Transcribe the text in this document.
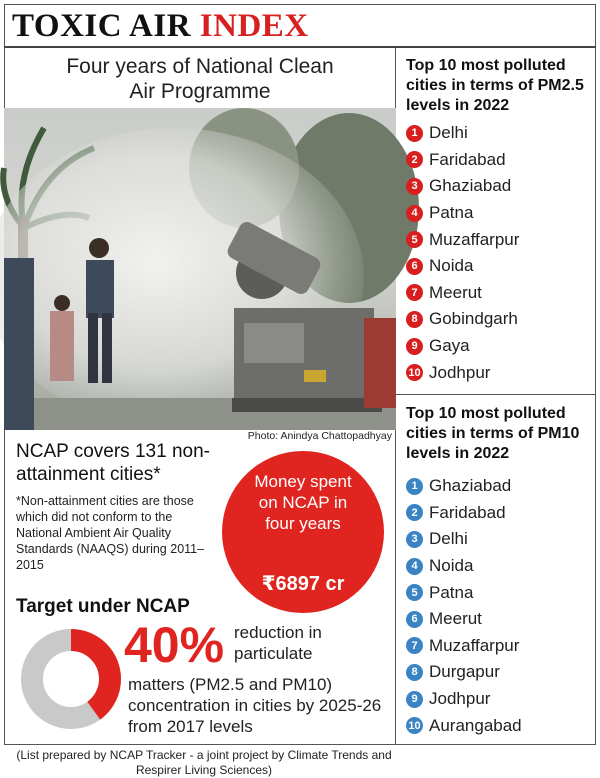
TOXIC AIR INDEX
Four years of National Clean
Air Programme
Photo: Anindya Chattopadhyay
NCAP covers 131 non-attainment cities*
*Non-attainment cities are those which did not conform to the National Ambient Air Quality Standards (NAAQS) during 2011–2015
Money spent on NCAP in four years
₹6897 cr
Target under NCAP
40% reduction in particulate
matters (PM2.5 and PM10) concentration in cities by 2025-26 from 2017 levels
(List prepared by NCAP Tracker - a joint project by Climate Trends and Respirer Living Sciences)
Top 10 most polluted cities in terms of PM2.5 levels in 2022
1 Delhi
2 Faridabad
3 Ghaziabad
4 Patna
5 Muzaffarpur
6 Noida
7 Meerut
8 Gobindgarh
9 Gaya
10 Jodhpur
Top 10 most polluted cities in terms of PM10 levels in 2022
1 Ghaziabad
2 Faridabad
3 Delhi
4 Noida
5 Patna
6 Meerut
7 Muzaffarpur
8 Durgapur
9 Jodhpur
10 Aurangabad
